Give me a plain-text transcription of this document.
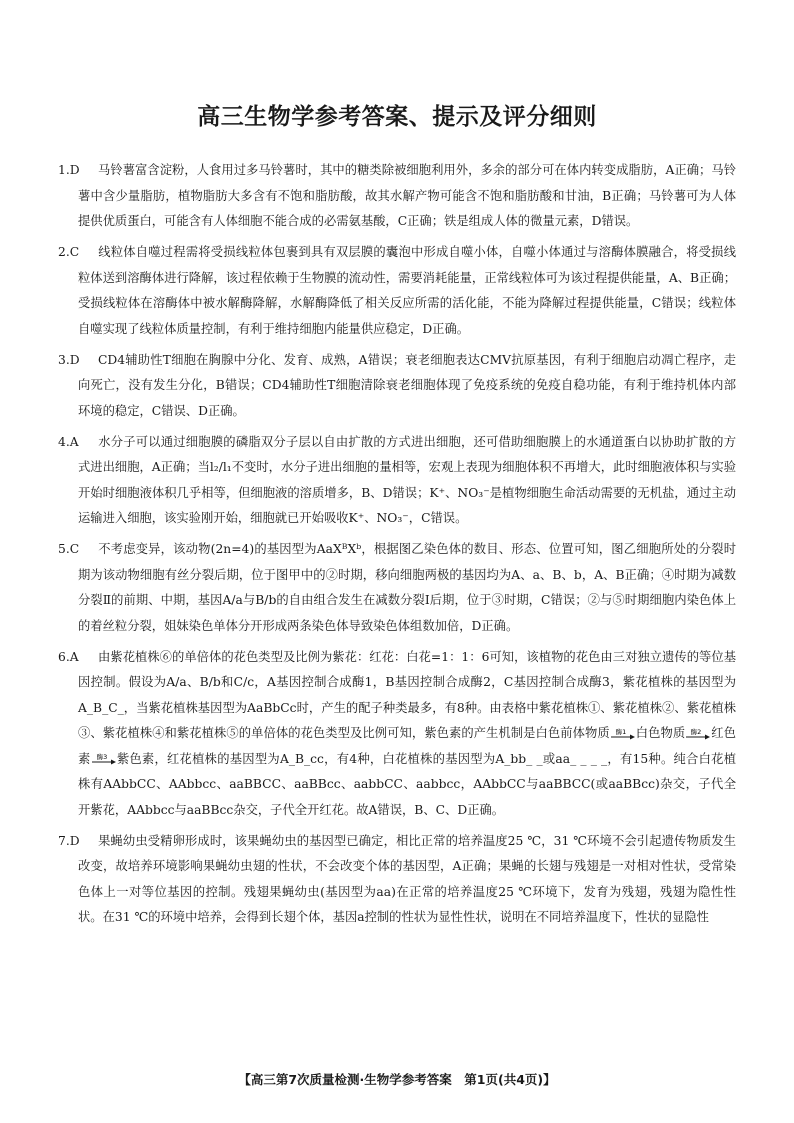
高三生物学参考答案、提示及评分细则

1.D 马铃薯富含淀粉，人食用过多马铃薯时，其中的糖类除被细胞利用外，多余的部分可在体内转变成脂肪，A正确；马铃薯中含少量脂肪，植物脂肪大多含有不饱和脂肪酸，故其水解产物可能含不饱和脂肪酸和甘油，B正确；马铃薯可为人体提供优质蛋白，可能含有人体细胞不能合成的必需氨基酸，C正确；铁是组成人体的微量元素，D错误。

2.C 线粒体自噬过程需将受损线粒体包裹到具有双层膜的囊泡中形成自噬小体，自噬小体通过与溶酶体膜融合，将受损线粒体送到溶酶体进行降解，该过程依赖于生物膜的流动性，需要消耗能量，正常线粒体可为该过程提供能量，A、B正确；受损线粒体在溶酶体中被水解酶降解，水解酶降低了相关反应所需的活化能，不能为降解过程提供能量，C错误；线粒体自噬实现了线粒体质量控制，有利于维持细胞内能量供应稳定，D正确。

3.D CD4辅助性T细胞在胸腺中分化、发育、成熟，A错误；衰老细胞表达CMV抗原基因，有利于细胞启动凋亡程序，走向死亡，没有发生分化，B错误；CD4辅助性T细胞清除衰老细胞体现了免疫系统的免疫自稳功能，有利于维持机体内部环境的稳定，C错误、D正确。

4.A 水分子可以通过细胞膜的磷脂双分子层以自由扩散的方式进出细胞，还可借助细胞膜上的水通道蛋白以协助扩散的方式进出细胞，A正确；当l₂/l₁不变时，水分子进出细胞的量相等，宏观上表现为细胞体积不再增大，此时细胞液体积与实验开始时细胞液体积几乎相等，但细胞液的溶质增多，B、D错误；K⁺、NO₃⁻是植物细胞生命活动需要的无机盐，通过主动运输进入细胞，该实验刚开始，细胞就已开始吸收K⁺、NO₃⁻，C错误。

5.C 不考虑变异，该动物(2n=4)的基因型为AaXᴮXᵇ，根据图乙染色体的数目、形态、位置可知，图乙细胞所处的分裂时期为该动物细胞有丝分裂后期，位于图甲中的②时期，移向细胞两极的基因均为A、a、B、b，A、B正确；④时期为减数分裂Ⅱ的前期、中期，基因A/a与B/b的自由组合发生在减数分裂Ⅰ后期，位于③时期，C错误；②与⑤时期细胞内染色体上的着丝粒分裂，姐妹染色单体分开形成两条染色体导致染色体组数加倍，D正确。

6.A 由紫花植株⑥的单倍体的花色类型及比例为紫花：红花：白花=1：1：6可知，该植物的花色由三对独立遗传的等位基因控制。假设为A/a、B/b和C/c，A基因控制合成酶1，B基因控制合成酶2，C基因控制合成酶3，紫花植株的基因型为A_B_C_，当紫花植株基因型为AaBbCc时，产生的配子种类最多，有8种。由表格中紫花植株①、紫花植株②、紫花植株③、紫花植株④和紫花植株⑤的单倍体的花色类型及比例可知，紫色素的产生机制是白色前体物质 酶1 白色物质 酶2 红色素 酶3 紫色素，红花植株的基因型为A_B_cc，有4种，白花植株的基因型为A_bb_ _或aa_ _ _ _，有15种。纯合白花植株有AAbbCC、AAbbcc、aaBBCC、aaBBcc、aabbCC、aabbcc，AAbbCC与aaBBCC(或aaBBcc)杂交，子代全开紫花，AAbbcc与aaBBcc杂交，子代全开红花。故A错误，B、C、D正确。

7.D 果蝇幼虫受精卵形成时，该果蝇幼虫的基因型已确定，相比正常的培养温度25 ℃，31 ℃环境不会引起遗传物质发生改变，故培养环境影响果蝇幼虫翅的性状，不会改变个体的基因型，A正确；果蝇的长翅与残翅是一对相对性状，受常染色体上一对等位基因的控制。残翅果蝇幼虫(基因型为aa)在正常的培养温度25 ℃环境下，发育为残翅，残翅为隐性性状。在31 ℃的环境中培养，会得到长翅个体，基因a控制的性状为显性性状，说明在不同培养温度下，性状的显隐性

【高三第7次质量检测·生物学参考答案　第1页(共4页)】
